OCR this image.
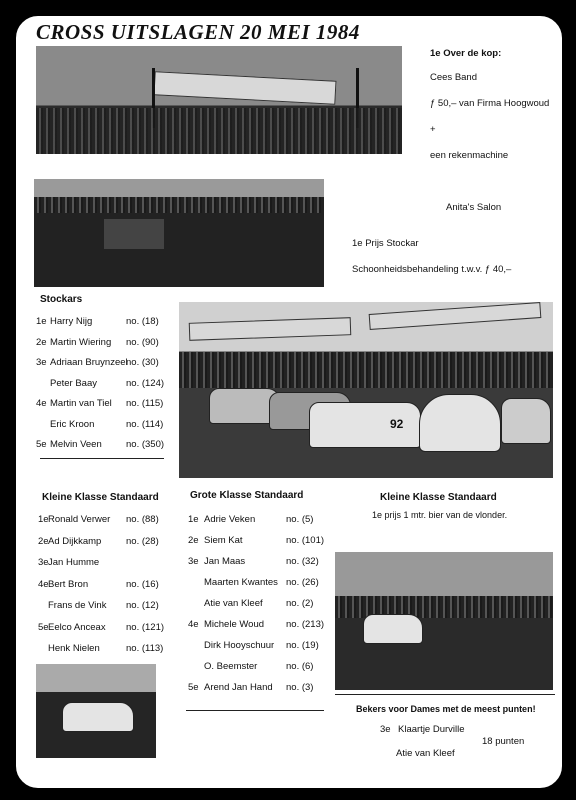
CROSS UITSLAGEN 20 MEI 1984
1e Over de kop:
Cees Band
ƒ 50,– van Firma Hoogwoud
+
een rekenmachine
Anita's Salon
1e Prijs Stockar
Schoonheidsbehandeling t.w.v. ƒ 40,–
Stockars
1e Harry Nijg	no. (18)
2e Martin Wiering no. (90)
3e Adriaan Bruynzeel
no. (30)
Peter Baay	no. (124)
4e Martin van Tiel no. (115)
Eric Kroon	no. (114)
5e Melvin Veen	no. (350)
92
Kleine Klasse Standaard
1e Ronald Verwer no. (88)
2e Ad Dijkkamp	no. (28)
3e Jan Humme
4e Bert Bron	no. (16)
Frans de Vink no. (12)
5e Eelco Anceax no. (121)
Henk Nielen	no. (113)
Grote Klasse Standaard
1e Adrie Veken	no. (5)
2e Siem Kat	no. (101)
3e Jan Maas	no. (32)
Maarten Kwantes no. (26)
Atie van Kleef no. (2)
4e Michele Woud no. (213)
Dirk Hooyschuur no. (19)
O. Beemster	no. (6)
5e Arend Jan Hand no. (3)
Kleine Klasse Standaard
1e prijs 1 mtr. bier van de vlonder.
Bekers voor Dames met de meest punten!
3e Klaartje Durville
18 punten
Atie van Kleef
